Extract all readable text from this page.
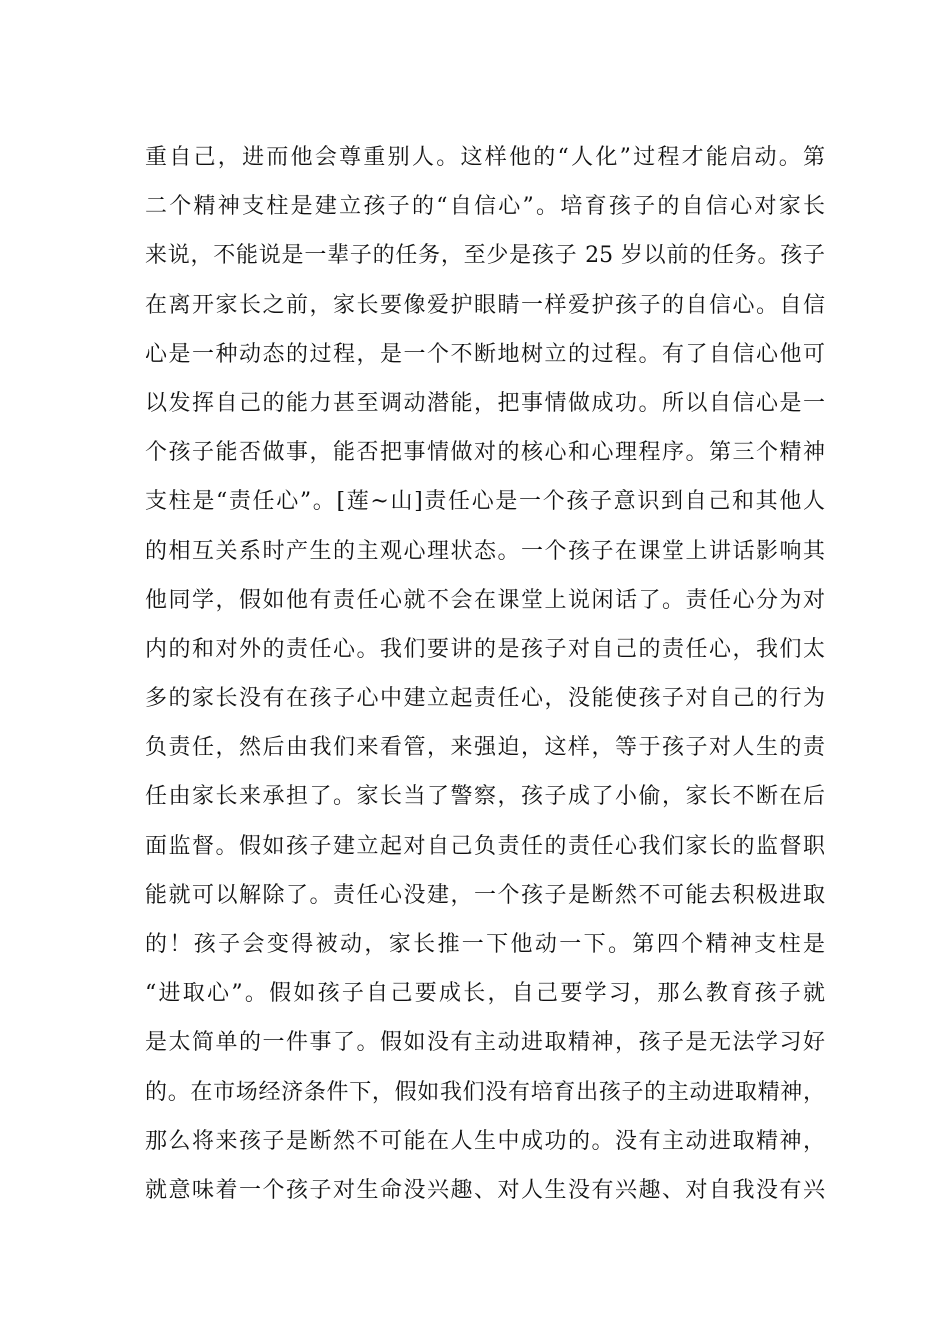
重自己，进而他会尊重别人。这样他的“人化”过程才能启动。第
二个精神支柱是建立孩子的“自信心”。培育孩子的自信心对家长
来说，不能说是一辈子的任务，至少是孩子 25 岁以前的任务。孩子
在离开家长之前，家长要像爱护眼睛一样爱护孩子的自信心。自信
心是一种动态的过程，是一个不断地树立的过程。有了自信心他可
以发挥自己的能力甚至调动潜能，把事情做成功。所以自信心是一
个孩子能否做事，能否把事情做对的核心和心理程序。第三个精神
支柱是“责任心”。[莲~山]责任心是一个孩子意识到自己和其他人
的相互关系时产生的主观心理状态。一个孩子在课堂上讲话影响其
他同学，假如他有责任心就不会在课堂上说闲话了。责任心分为对
内的和对外的责任心。我们要讲的是孩子对自己的责任心，我们太
多的家长没有在孩子心中建立起责任心，没能使孩子对自己的行为
负责任，然后由我们来看管，来强迫，这样，等于孩子对人生的责
任由家长来承担了。家长当了警察，孩子成了小偷，家长不断在后
面监督。假如孩子建立起对自己负责任的责任心我们家长的监督职
能就可以解除了。责任心没建，一个孩子是断然不可能去积极进取
的！孩子会变得被动，家长推一下他动一下。第四个精神支柱是
“进取心”。假如孩子自己要成长，自己要学习，那么教育孩子就
是太简单的一件事了。假如没有主动进取精神，孩子是无法学习好
的。在市场经济条件下，假如我们没有培育出孩子的主动进取精神，
那么将来孩子是断然不可能在人生中成功的。没有主动进取精神，
就意味着一个孩子对生命没兴趣、对人生没有兴趣、对自我没有兴
